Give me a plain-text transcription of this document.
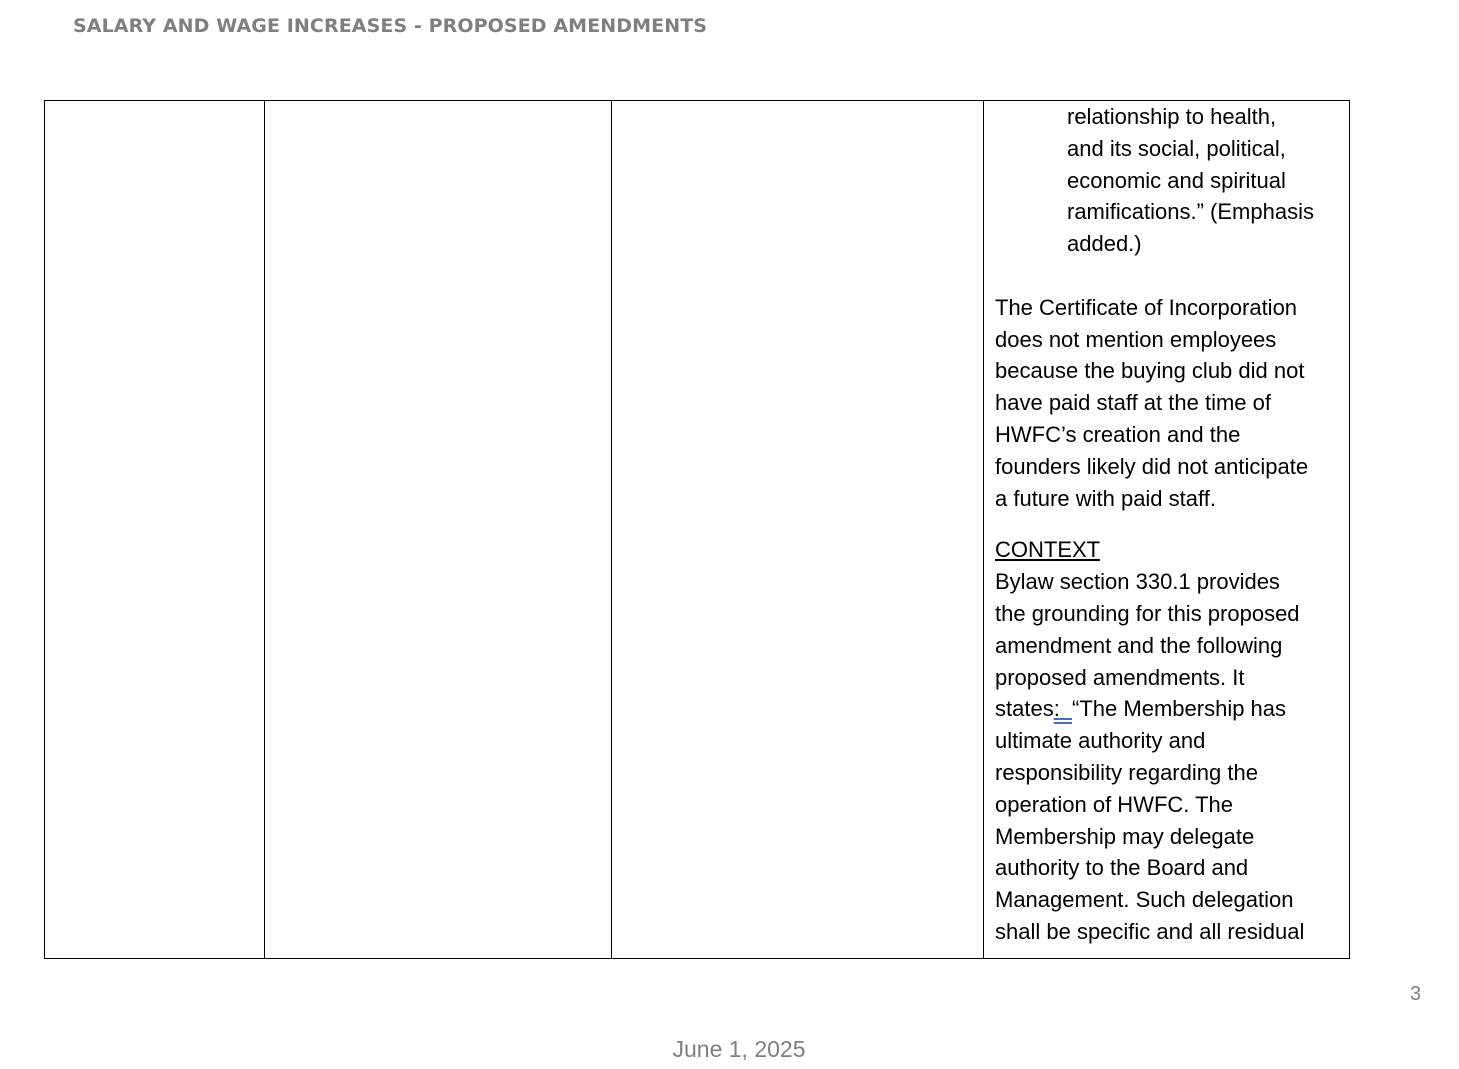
SALARY AND WAGE INCREASES - PROPOSED AMENDMENTS

relationship to health,

and its social, political,

economic and spiritual

ramifications.” (Emphasis

added.)

The Certificate of Incorporation

does not mention employees

because the buying club did not

have paid staff at the time of

HWFC’s creation and the

founders likely did not anticipate

a future with paid staff.

CONTEXT

Bylaw section 330.1 provides

the grounding for this proposed

amendment and the following

proposed amendments. It

states:  “The Membership has

ultimate authority and

responsibility regarding the

operation of HWFC. The

Membership may delegate

authority to the Board and

Management. Such delegation

shall be specific and all residual

3
June 1, 2025
